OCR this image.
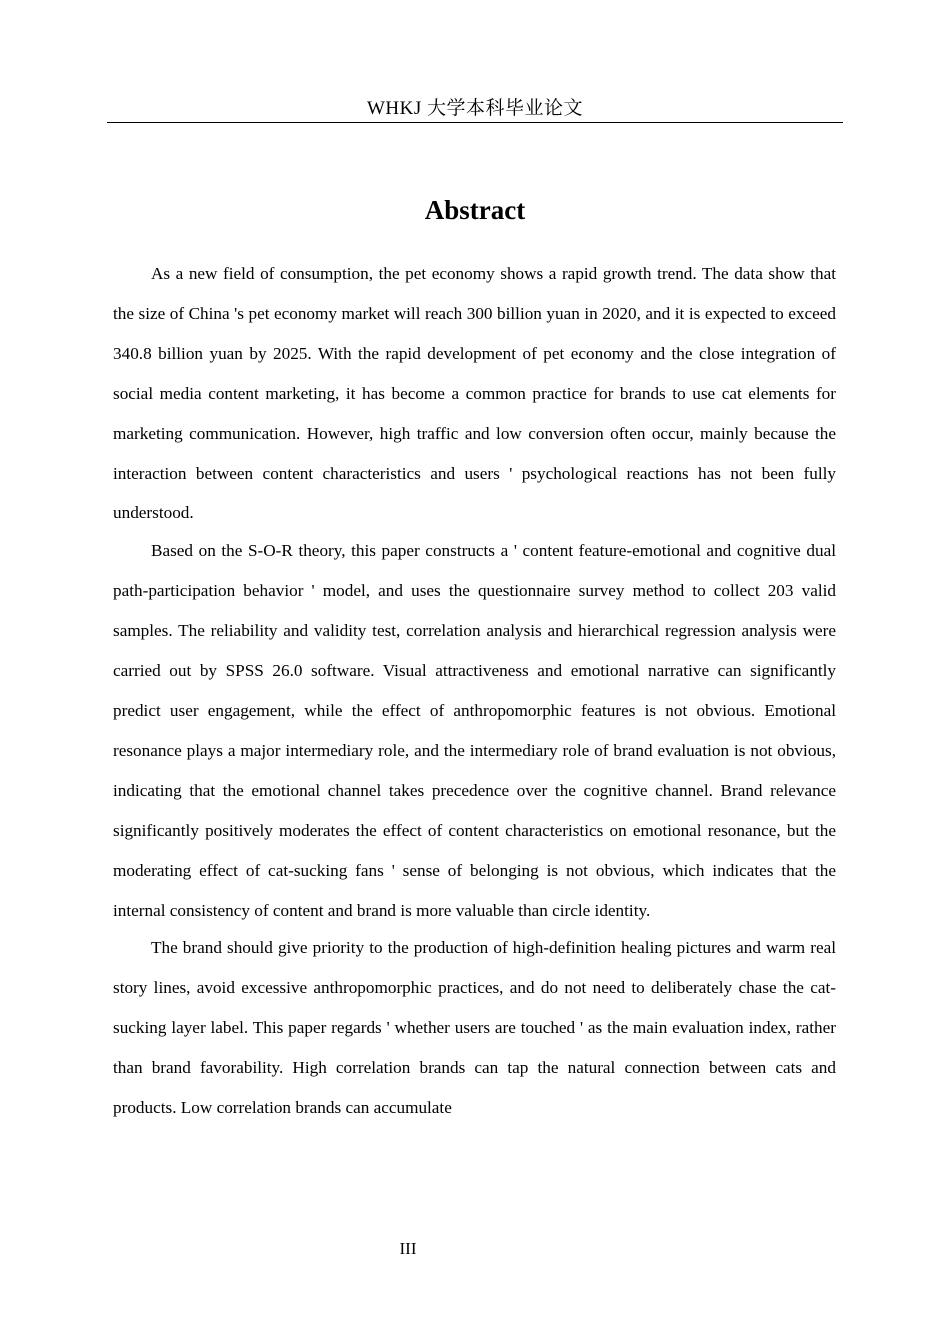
WHKJ 大学本科毕业论文
Abstract

As a new field of consumption, the pet economy shows a rapid growth trend. The data show that the size of China 's pet economy market will reach 300 billion yuan in 2020, and it is expected to exceed 340.8 billion yuan by 2025. With the rapid development of pet economy and the close integration of social media content marketing, it has become a common practice for brands to use cat elements for marketing communication. However, high traffic and low conversion often occur, mainly because the interaction between content characteristics and users ' psychological reactions has not been fully understood.

Based on the S-O-R theory, this paper constructs a ' content feature-emotional and cognitive dual path-participation behavior ' model, and uses the questionnaire survey method to collect 203 valid samples. The reliability and validity test, correlation analysis and hierarchical regression analysis were carried out by SPSS 26.0 software. Visual attractiveness and emotional narrative can significantly predict user engagement, while the effect of anthropomorphic features is not obvious. Emotional resonance plays a major intermediary role, and the intermediary role of brand evaluation is not obvious, indicating that the emotional channel takes precedence over the cognitive channel. Brand relevance significantly positively moderates the effect of content characteristics on emotional resonance, but the moderating effect of cat-sucking fans ' sense of belonging is not obvious, which indicates that the internal consistency of content and brand is more valuable than circle identity.

The brand should give priority to the production of high-definition healing pictures and warm real story lines, avoid excessive anthropomorphic practices, and do not need to deliberately chase the cat-sucking layer label. This paper regards ' whether users are touched ' as the main evaluation index, rather than brand favorability. High correlation brands can tap the natural connection between cats and products. Low correlation brands can accumulate

III
